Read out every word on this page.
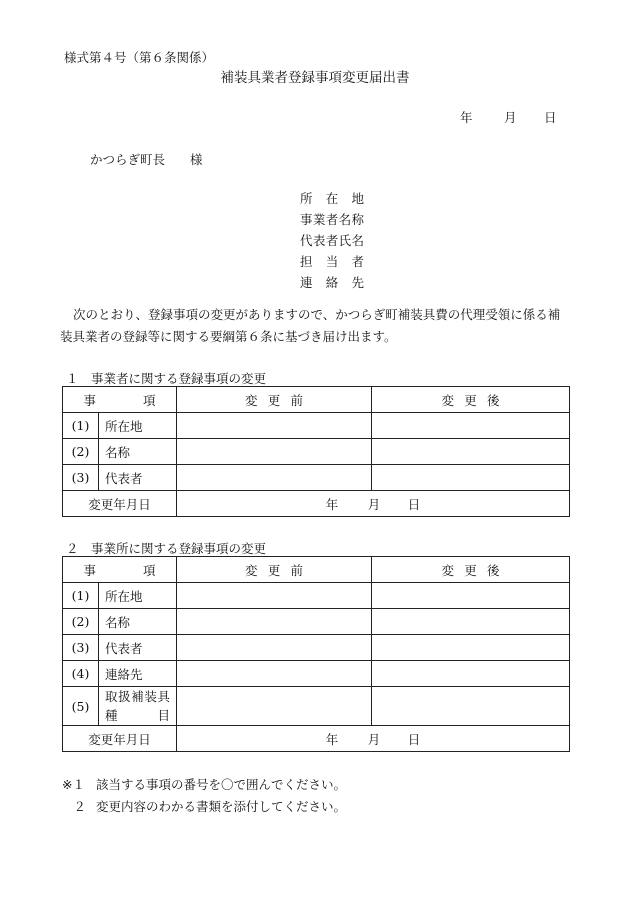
様式第４号（第６条関係）
補装具業者登録事項変更届出書
年	月 日
かつらぎ町長 様
所在地
事業者名称
代表者氏名
担当者
連絡先
次のとおり、登録事項の変更がありますので、かつらぎ町補装具費の代理受領に係る補装具業者の登録等に関する要綱第６条に基づき届け出ます。
１　事業者に関する登録事項の変更
事項		変更前	変更後
(1)	所在地		
(2)	名称		
(3)	代表者		
変更年月日		年 月 日	
２　事業所に関する登録事項の変更
事項		変更前	変更後
(1)	所在地		
(2)	名称		
(3)	代表者		
(4)	連絡先		
(5)	取扱補装具種目		
変更年月日		年 月 日	
※１ 該当する事項の番号を〇で囲んでください。
２ 変更内容のわかる書類を添付してください。
